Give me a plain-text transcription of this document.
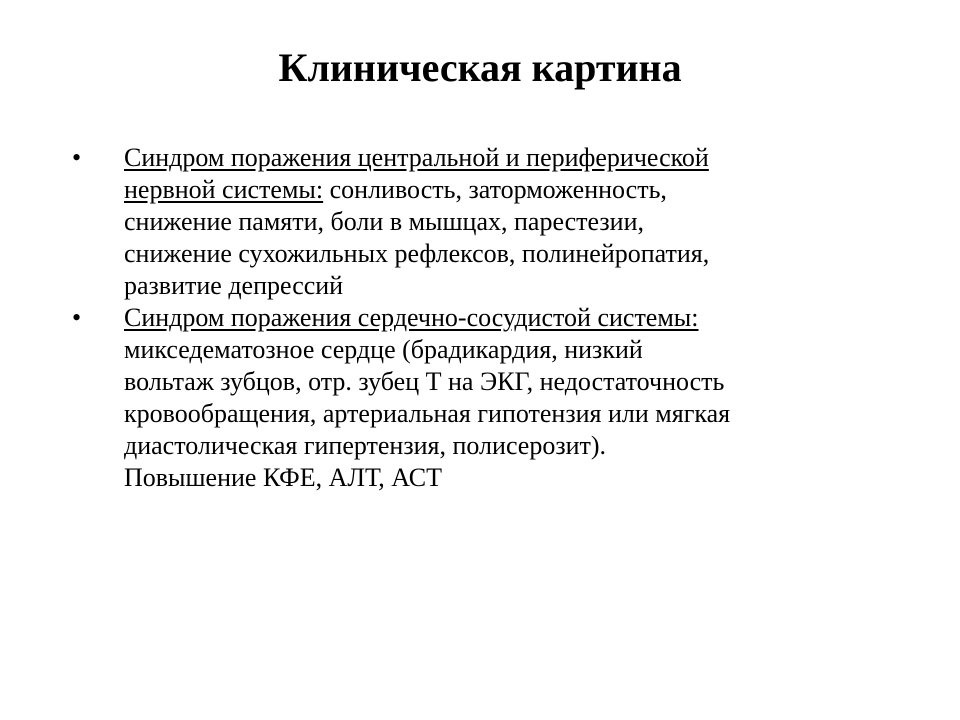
Клиническая картина
•	Синдром поражения центральной и периферической
нервной системы: сонливость, заторможенность,
снижение памяти, боли в мышцах, парестезии,
снижение сухожильных рефлексов, полинейропатия,
развитие депрессий
•	Синдром поражения сердечно-сосудистой системы:
микседематозное сердце (брадикардия, низкий
вольтаж зубцов, отр. зубец Т на ЭКГ, недостаточность
кровообращения, артериальная гипотензия или мягкая
диастолическая гипертензия, полисерозит).
Повышение КФЕ, АЛТ, АСТ
